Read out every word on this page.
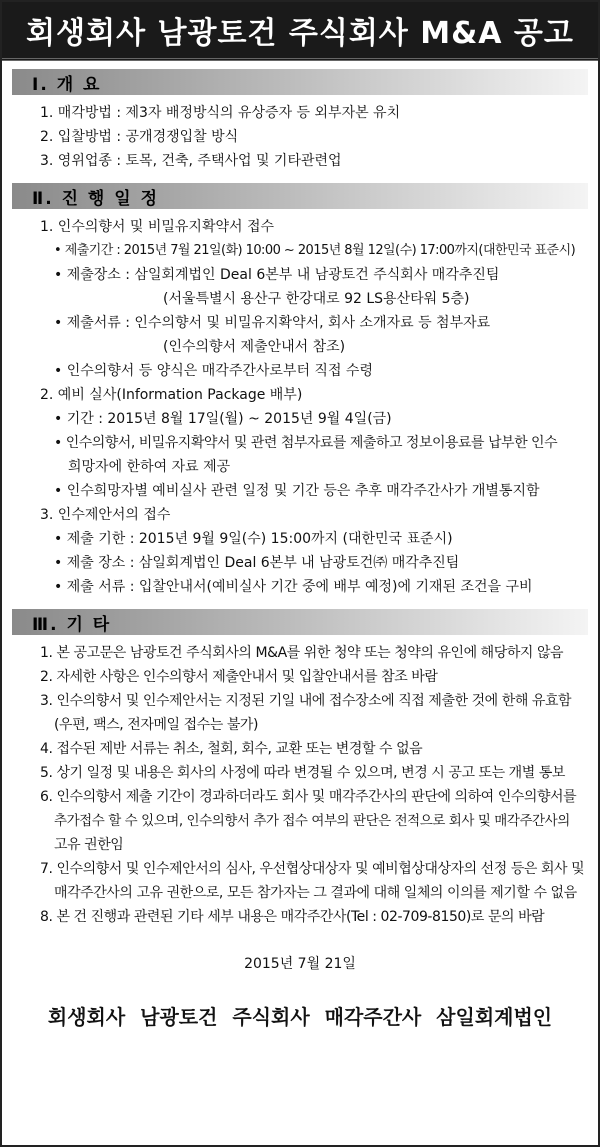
회생회사 남광토건 주식회사 M&A 공고
Ⅰ. 개 요
1. 매각방법 : 제3자 배정방식의 유상증자 등 외부자본 유치
2. 입찰방법 : 공개경쟁입찰 방식
3. 영위업종 : 토목, 건축, 주택사업 및 기타관련업
Ⅱ. 진 행 일 정
1. 인수의향서 및 비밀유지확약서 접수
• 제출기간 : 2015년 7월 21일(화) 10:00 ~ 2015년 8월 12일(수) 17:00까지(대한민국 표준시)
• 제출장소 : 삼일회계법인 Deal 6본부 내 남광토건 주식회사 매각추진팀
(서울특별시 용산구 한강대로 92 LS용산타워 5층)
• 제출서류 : 인수의향서 및 비밀유지확약서, 회사 소개자료 등 첨부자료
(인수의향서 제출안내서 참조)
• 인수의향서 등 양식은 매각주간사로부터 직접 수령
2. 예비 실사(Information Package 배부)
• 기간 : 2015년 8월 17일(월) ~ 2015년 9월 4일(금)
• 인수의향서, 비밀유지확약서 및 관련 첨부자료를 제출하고 정보이용료를 납부한 인수
희망자에 한하여 자료 제공
• 인수희망자별 예비실사 관련 일정 및 기간 등은 추후 매각주간사가 개별통지함
3. 인수제안서의 접수
• 제출 기한 : 2015년 9월 9일(수) 15:00까지 (대한민국 표준시)
• 제출 장소 : 삼일회계법인 Deal 6본부 내 남광토건㈜ 매각추진팀
• 제출 서류 : 입찰안내서(예비실사 기간 중에 배부 예정)에 기재된 조건을 구비
Ⅲ. 기 타
1. 본 공고문은 남광토건 주식회사의 M&A를 위한 청약 또는 청약의 유인에 해당하지 않음
2. 자세한 사항은 인수의향서 제출안내서 및 입찰안내서를 참조 바람
3. 인수의향서 및 인수제안서는 지정된 기일 내에 접수장소에 직접 제출한 것에 한해 유효함
(우편, 팩스, 전자메일 접수는 불가)
4. 접수된 제반 서류는 취소, 철회, 회수, 교환 또는 변경할 수 없음
5. 상기 일정 및 내용은 회사의 사정에 따라 변경될 수 있으며, 변경 시 공고 또는 개별 통보
6. 인수의향서 제출 기간이 경과하더라도 회사 및 매각주간사의 판단에 의하여 인수의향서를
추가접수 할 수 있으며, 인수의향서 추가 접수 여부의 판단은 전적으로 회사 및 매각주간사의
고유 권한임
7. 인수의향서 및 인수제안서의 심사, 우선협상대상자 및 예비협상대상자의 선정 등은 회사 및
매각주간사의 고유 권한으로, 모든 참가자는 그 결과에 대해 일체의 이의를 제기할 수 없음
8. 본 건 진행과 관련된 기타 세부 내용은 매각주간사(Tel : 02-709-8150)로 문의 바람
2015년 7월 21일
회생회사 남광토건 주식회사 매각주간사 삼일회계법인
